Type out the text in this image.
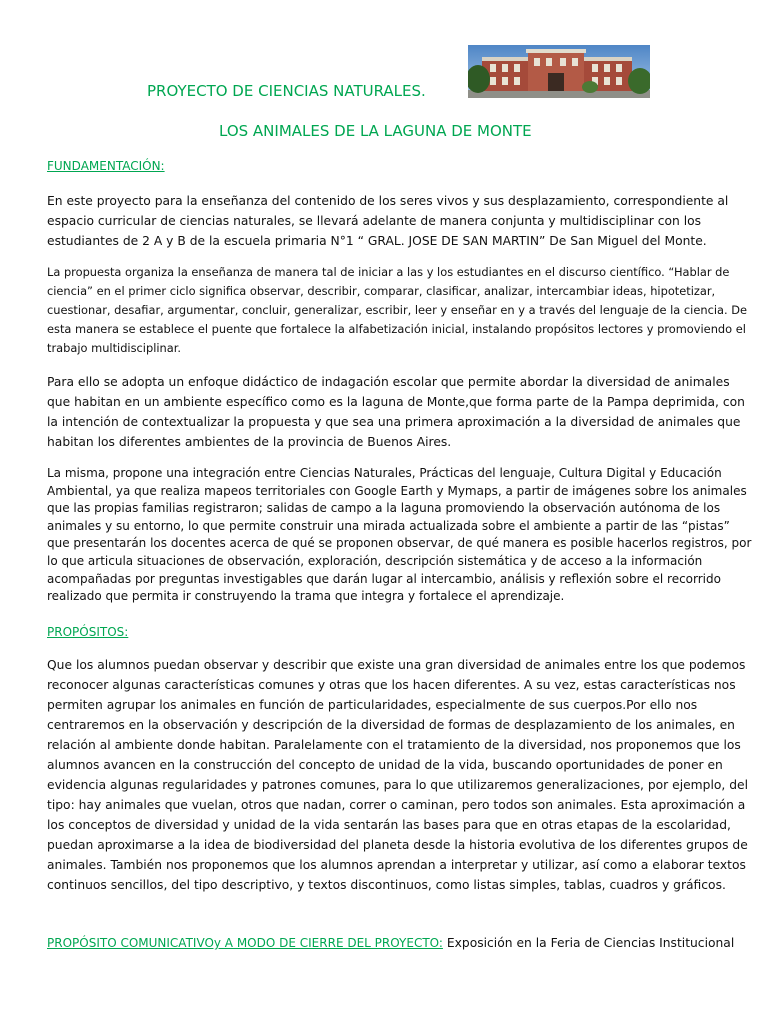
PROYECTO DE CIENCIAS NATURALES.
LOS ANIMALES DE LA LAGUNA DE MONTE

FUNDAMENTACIÓN:

En este proyecto para la enseñanza del contenido de los seres vivos y sus desplazamiento, correspondiente al espacio curricular de ciencias naturales, se llevará adelante de manera conjunta y multidisciplinar con los estudiantes de 2 A y B de la escuela primaria N°1 “ GRAL. JOSE DE SAN MARTIN” De San Miguel del Monte.

La propuesta organiza la enseñanza de manera tal de iniciar a las y los estudiantes en el discurso científico. “Hablar de ciencia” en el primer ciclo significa observar, describir, comparar, clasificar, analizar, intercambiar ideas, hipotetizar, cuestionar, desafiar, argumentar, concluir, generalizar, escribir, leer y enseñar en y a través del lenguaje de la ciencia. De esta manera se establece el puente que fortalece la alfabetización inicial, instalando propósitos lectores y promoviendo el trabajo multidisciplinar.

Para ello se adopta un enfoque didáctico de indagación escolar que permite abordar la diversidad de animales que habitan en un ambiente específico como es la laguna de Monte,que forma parte de la Pampa deprimida, con la intención de contextualizar la propuesta y que sea una primera aproximación a la diversidad de animales que habitan los diferentes ambientes de la provincia de Buenos Aires.

La misma, propone una integración entre Ciencias Naturales, Prácticas del lenguaje, Cultura Digital y Educación Ambiental, ya que realiza mapeos territoriales con Google Earth y Mymaps, a partir de imágenes sobre los animales que las propias familias registraron; salidas de campo a la laguna promoviendo la observación autónoma de los animales y su entorno, lo que permite construir una mirada actualizada sobre el ambiente a partir de las “pistas” que presentarán los docentes acerca de qué se proponen observar, de qué manera es posible hacerlos registros, por lo que articula situaciones de observación, exploración, descripción sistemática y de acceso a la información acompañadas por preguntas investigables que darán lugar al intercambio, análisis y reflexión sobre el recorrido realizado que permita ir construyendo la trama que integra y fortalece el aprendizaje.

PROPÓSITOS:

Que los alumnos puedan observar y describir que existe una gran diversidad de animales entre los que podemos reconocer algunas características comunes y otras que los hacen diferentes. A su vez, estas características nos permiten agrupar los animales en función de particularidades, especialmente de sus cuerpos.Por ello nos centraremos en la observación y descripción de la diversidad de formas de desplazamiento de los animales, en relación al ambiente donde habitan. Paralelamente con el tratamiento de la diversidad, nos proponemos que los alumnos avancen en la construcción del concepto de unidad de la vida, buscando oportunidades de poner en evidencia algunas regularidades y patrones comunes, para lo que utilizaremos generalizaciones, por ejemplo, del tipo: hay animales que vuelan, otros que nadan, correr o caminan, pero todos son animales. Esta aproximación a los conceptos de diversidad y unidad de la vida sentarán las bases para que en otras etapas de la escolaridad, puedan aproximarse a la idea de biodiversidad del planeta desde la historia evolutiva de los diferentes grupos de animales. También nos proponemos que los alumnos aprendan a interpretar y utilizar, así como a elaborar textos continuos sencillos, del tipo descriptivo, y textos discontinuos, como listas simples, tablas, cuadros y gráficos.

PROPÓSITO COMUNICATIVOy A MODO DE CIERRE DEL PROYECTO: Exposición en la Feria de Ciencias Institucional
